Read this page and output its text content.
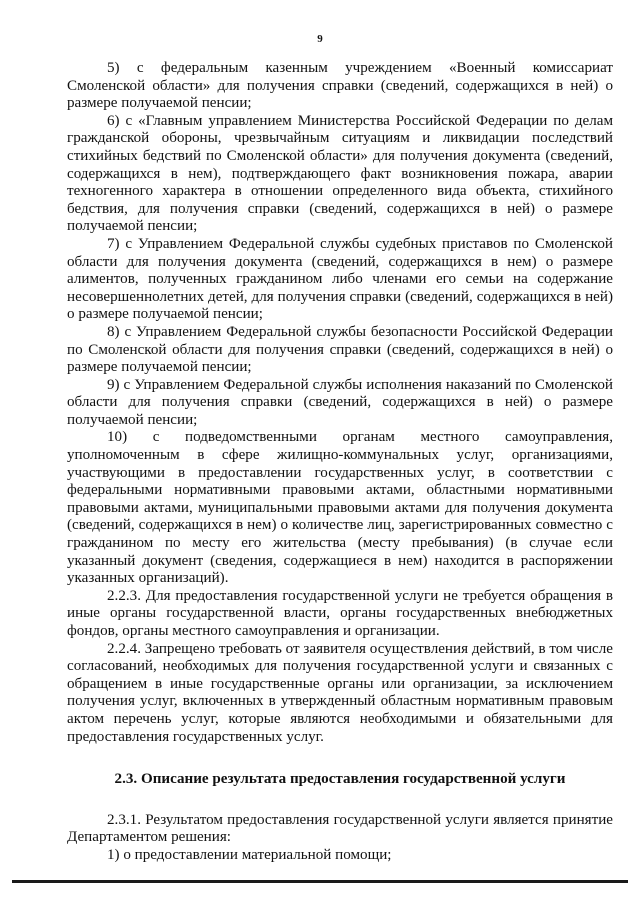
9

5) с федеральным казенным учреждением «Военный комиссариат Смоленской области» для получения справки (сведений, содержащихся в ней) о размере получаемой пенсии;

6) с «Главным управлением Министерства Российской Федерации по делам гражданской обороны, чрезвычайным ситуациям и ликвидации последствий стихийных бедствий по Смоленской области» для получения документа (сведений, содержащихся в нем), подтверждающего факт возникновения пожара, аварии техногенного характера в отношении определенного вида объекта, стихийного бедствия, для получения справки (сведений, содержащихся в ней) о размере получаемой пенсии;

7) с Управлением Федеральной службы судебных приставов по Смоленской области для получения документа (сведений, содержащихся в нем) о размере алиментов, полученных гражданином либо членами его семьи на содержание несовершеннолетних детей, для получения справки (сведений, содержащихся в ней) о размере получаемой пенсии;

8) с Управлением Федеральной службы безопасности Российской Федерации по Смоленской области для получения справки (сведений, содержащихся в ней) о размере получаемой пенсии;

9) с Управлением Федеральной службы исполнения наказаний по Смоленской области для получения справки (сведений, содержащихся в ней) о размере получаемой пенсии;

10) с подведомственными органам местного самоуправления, уполномоченным в сфере жилищно-коммунальных услуг, организациями, участвующими в предоставлении государственных услуг, в соответствии с федеральными нормативными правовыми актами, областными нормативными правовыми актами, муниципальными правовыми актами для получения документа (сведений, содержащихся в нем) о количестве лиц, зарегистрированных совместно с гражданином по месту его жительства (месту пребывания) (в случае если указанный документ (сведения, содержащиеся в нем) находится в распоряжении указанных организаций).

2.2.3. Для предоставления государственной услуги не требуется обращения в иные органы государственной власти, органы государственных внебюджетных фондов, органы местного самоуправления и организации.

2.2.4. Запрещено требовать от заявителя осуществления действий, в том числе согласований, необходимых для получения государственной услуги и связанных с обращением в иные государственные органы или организации, за исключением получения услуг, включенных в утвержденный областным нормативным правовым актом перечень услуг, которые являются необходимыми и обязательными для предоставления государственных услуг.

2.3. Описание результата предоставления государственной услуги

2.3.1. Результатом предоставления государственной услуги является принятие Департаментом решения:

1) о предоставлении материальной помощи;
